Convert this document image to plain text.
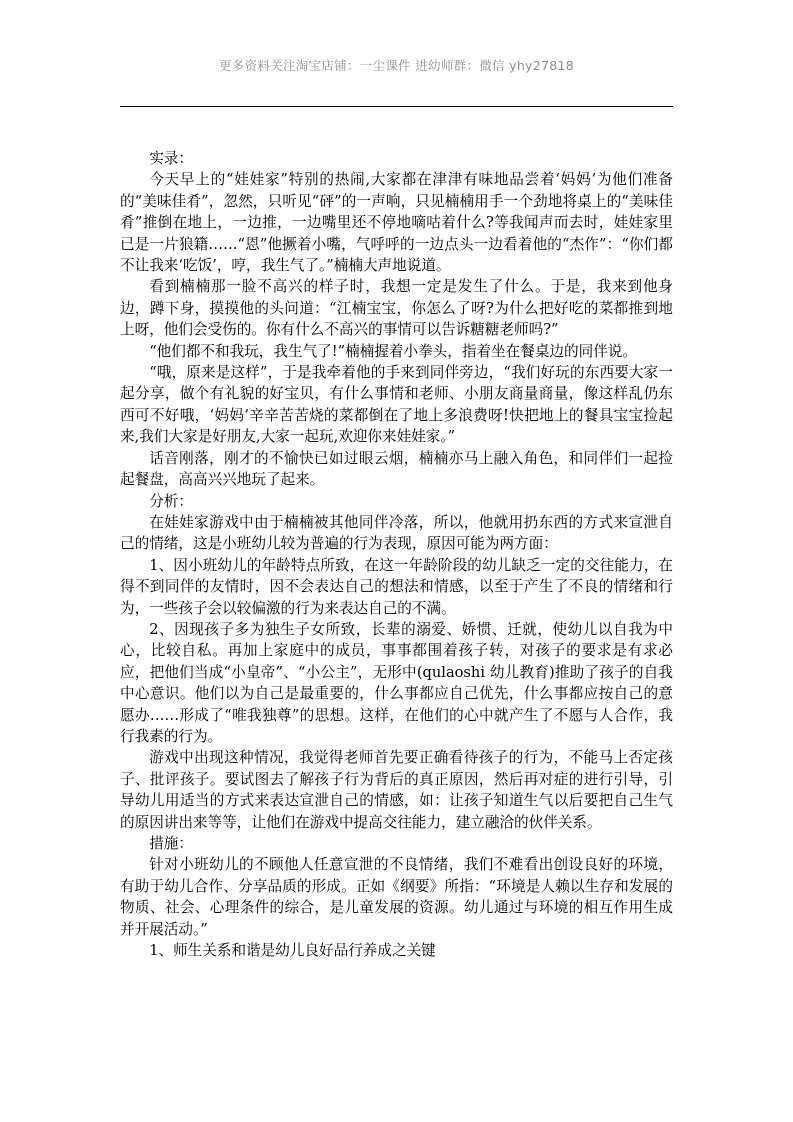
更多资料关注淘宝店铺：一尘课件 进幼师群：微信 yhy27818

实录：

今天早上的“娃娃家”特别的热闹,大家都在津津有味地品尝着‘妈妈’为他们准备的“美味佳肴”，忽然，只听见“砰”的一声响，只见楠楠用手一个劲地将桌上的“美味佳肴”推倒在地上，一边推，一边嘴里还不停地嘀咕着什么?等我闻声而去时，娃娃家里已是一片狼籍……“恩”他撅着小嘴，气呼呼的一边点头一边看着他的“杰作”：“你们都不让我来‘吃饭’，哼，我生气了。”楠楠大声地说道。

看到楠楠那一脸不高兴的样子时，我想一定是发生了什么。于是，我来到他身边，蹲下身，摸摸他的头问道：“江楠宝宝，你怎么了呀?为什么把好吃的菜都推到地上呀，他们会受伤的。你有什么不高兴的事情可以告诉糖糖老师吗?”

“他们都不和我玩，我生气了!”楠楠握着小拳头，指着坐在餐桌边的同伴说。

“哦，原来是这样”，于是我牵着他的手来到同伴旁边，“我们好玩的东西要大家一起分享，做个有礼貌的好宝贝，有什么事情和老师、小朋友商量商量，像这样乱仍东西可不好哦，‘妈妈’辛辛苦苦烧的菜都倒在了地上多浪费呀!快把地上的餐具宝宝捡起来,我们大家是好朋友,大家一起玩,欢迎你来娃娃家。”

话音刚落，刚才的不愉快已如过眼云烟，楠楠亦马上融入角色，和同伴们一起捡起餐盘，高高兴兴地玩了起来。

分析：

在娃娃家游戏中由于楠楠被其他同伴冷落，所以，他就用扔东西的方式来宣泄自己的情绪，这是小班幼儿较为普遍的行为表现，原因可能为两方面：

1、因小班幼儿的年龄特点所致，在这一年龄阶段的幼儿缺乏一定的交往能力，在得不到同伴的友情时，因不会表达自己的想法和情感，以至于产生了不良的情绪和行为，一些孩子会以较偏激的行为来表达自己的不满。

2、因现孩子多为独生子女所致，长辈的溺爱、娇惯、迁就，使幼儿以自我为中心，比较自私。再加上家庭中的成员，事事都围着孩子转，对孩子的要求是有求必应，把他们当成“小皇帝”、“小公主”，无形中(qulaoshi 幼儿教育)推助了孩子的自我中心意识。他们以为自己是最重要的，什么事都应自己优先，什么事都应按自己的意愿办……形成了“唯我独尊”的思想。这样，在他们的心中就产生了不愿与人合作，我行我素的行为。

游戏中出现这种情况，我觉得老师首先要正确看待孩子的行为，不能马上否定孩子、批评孩子。要试图去了解孩子行为背后的真正原因，然后再对症的进行引导，引导幼儿用适当的方式来表达宣泄自己的情感，如：让孩子知道生气以后要把自己生气的原因讲出来等等，让他们在游戏中提高交往能力，建立融洽的伙伴关系。

措施：

针对小班幼儿的不顾他人任意宣泄的不良情绪，我们不难看出创设良好的环境，有助于幼儿合作、分享品质的形成。正如《纲要》所指：“环境是人赖以生存和发展的物质、社会、心理条件的综合，是儿童发展的资源。幼儿通过与环境的相互作用生成并开展活动。”

1、师生关系和谐是幼儿良好品行养成之关键
